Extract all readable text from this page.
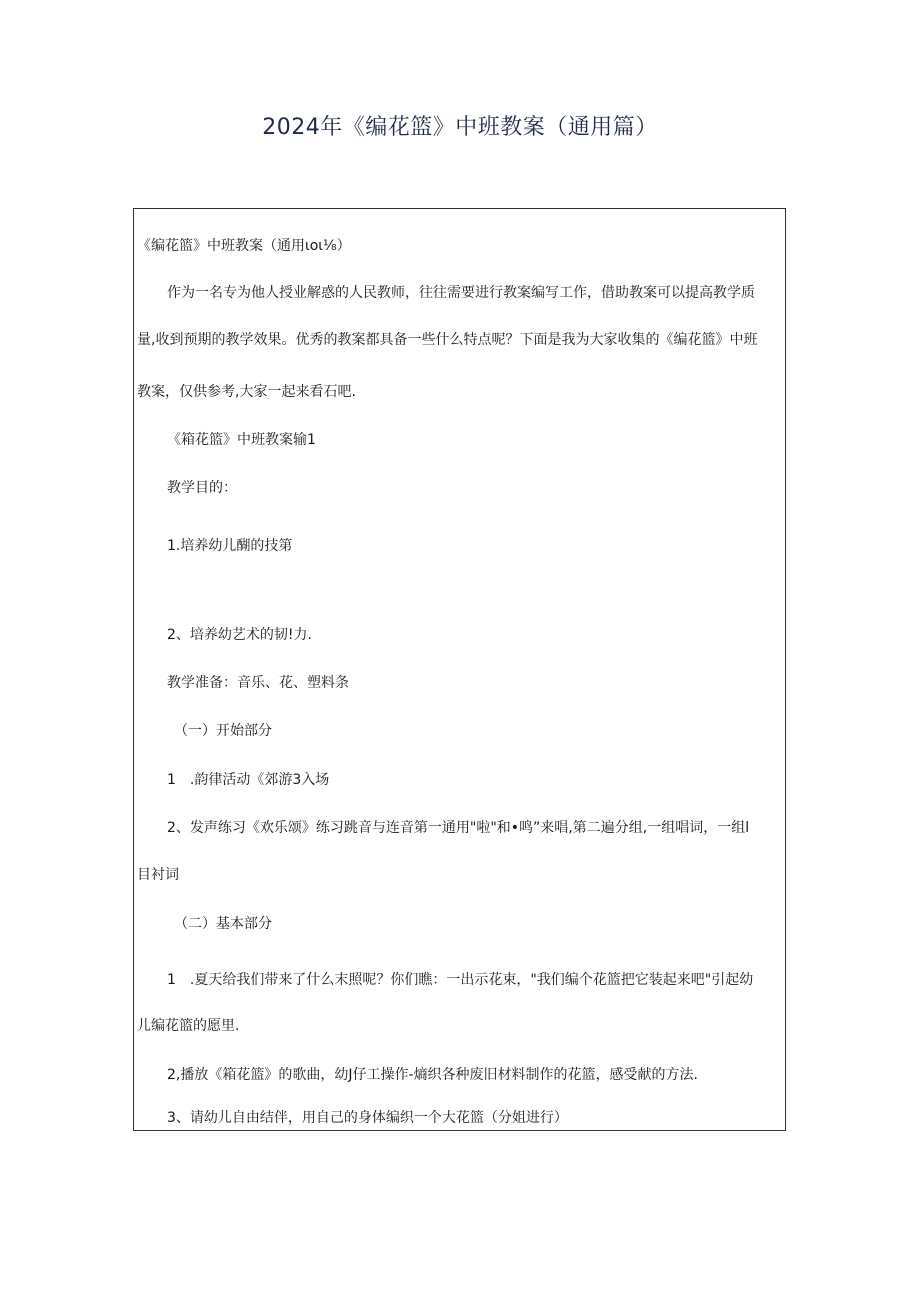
2024年《编花篮》中班教案（通用篇）

《编花篮》中班教案（通用ιοι⅛）

作为一名专为他人授业解惑的人民教师，往往需要进行教案编写工作，借助教案可以提高教学质

量,收到预期的教学效果。优秀的教案都具备一些什么特点呢？下面是我为大家收集的《编花篮》中班

教案，仅供参考,大家一起来看石吧.

《箱花篮》中班教案输1

教学目的：

1.培养幼儿醐的技第

2、培养幼艺术的韧!力.

教学准备：音乐、花、塑料条

（一）开始部分

1　.韵律活动《郊游3入场

2、发声练习《欢乐颂》练习跳音与连音第一通用"啦"和•鸣”来唱,第二遍分组,一组唱词，一组l

目衬词

（二）基本部分

1　.夏天给我们带来了什么末照呢？你们瞧：一出示花束，"我们编个花篮把它装起来吧"引起幼

儿编花篮的愿里.

2,播放《箱花篮》的歌曲，幼J仔工操作-熵织各种废旧材料制作的花篮，感受献的方法.

3、请幼儿自由结伴，用自己的身体编织一个大花篮（分姐进行）
